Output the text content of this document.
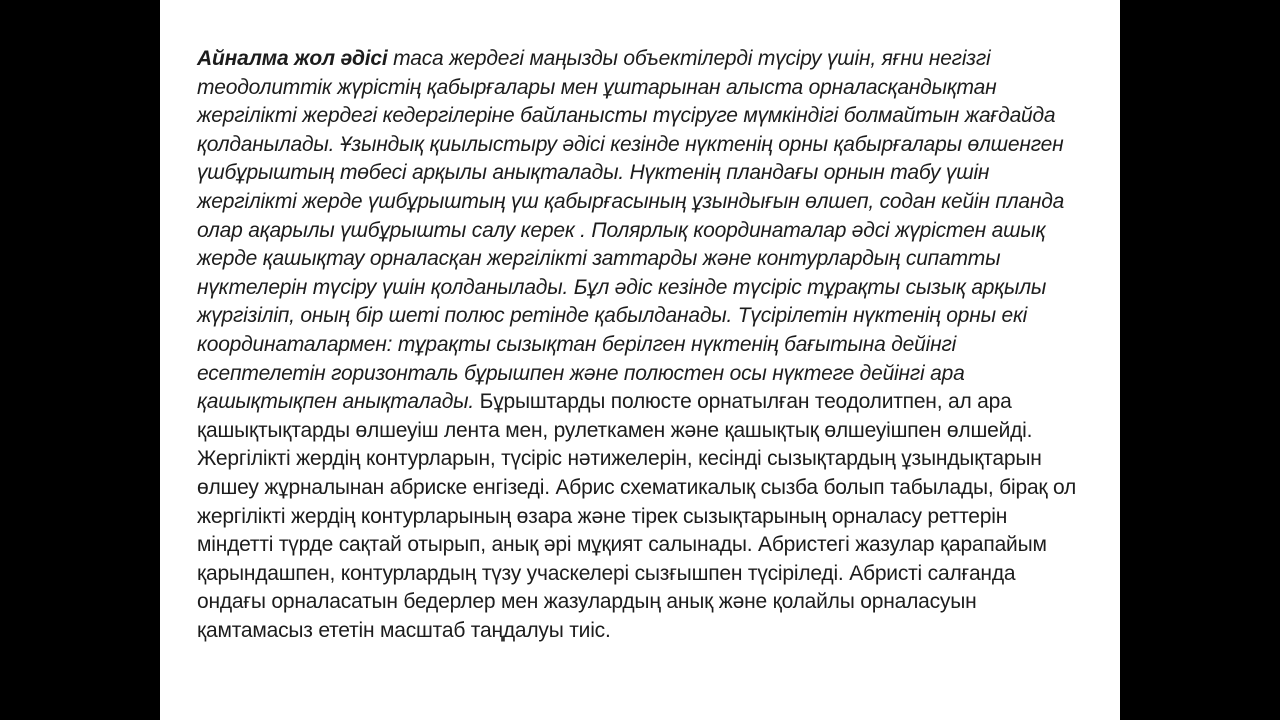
Айналма жол әдісі таса жердегі маңызды объектілерді түсіру үшін, яғни негізгі теодолиттік жүрістің қабырғалары мен ұштарынан алыста орналасқандықтан жергілікті жердегі кедергілеріне байланысты түсіруге мүмкіндігі болмайтын жағдайда қолданылады. Ұзындық қиылыстыру әдісі кезінде нүктенің орны қабырғалары өлшенген үшбұрыштың төбесі арқылы анықталады. Нүктенің пландағы орнын табу үшін жергілікті жерде үшбұрыштың үш қабырғасының ұзындығын өлшеп, содан кейін планда олар ақарылы үшбұрышты салу керек . Полярлық координаталар әдсі жүрістен ашық жерде қашықтау орналасқан жергілікті заттарды және контурлардың сипатты нүктелерін түсіру үшін қолданылады. Бұл әдіс кезінде түсіріс тұрақты сызық арқылы жүргізіліп, оның бір шеті полюс ретінде қабылданады. Түсірілетін нүктенің орны екі координаталармен: тұрақты сызықтан берілген нүктенің бағытына дейінгі есептелетін горизонталь бұрышпен және полюстен осы нүктеге дейінгі ара қашықтықпен анықталады. Бұрыштарды полюсте орнатылған теодолитпен, ал ара қашықтықтарды өлшеуіш лента мен, рулеткамен және қашықтық өлшеуішпен өлшейді. Жергілікті жердің контурларын, түсіріс нәтижелерін, кесінді сызықтардың ұзындықтарын өлшеу жұрналынан абриске енгізеді. Абрис схематикалық сызба болып табылады, бірақ ол жергілікті жердің контурларының өзара және тірек сызықтарының орналасу реттерін міндетті түрде сақтай отырып, анық әрі мұқият салынады. Абристегі жазулар қарапайым қарындашпен, контурлардың түзу учаскелері сызғышпен түсіріледі. Абристі салғанда ондағы орналасатын бедерлер мен жазулардың анық және қолайлы орналасуын қамтамасыз ететін масштаб таңдалуы тиіс.
